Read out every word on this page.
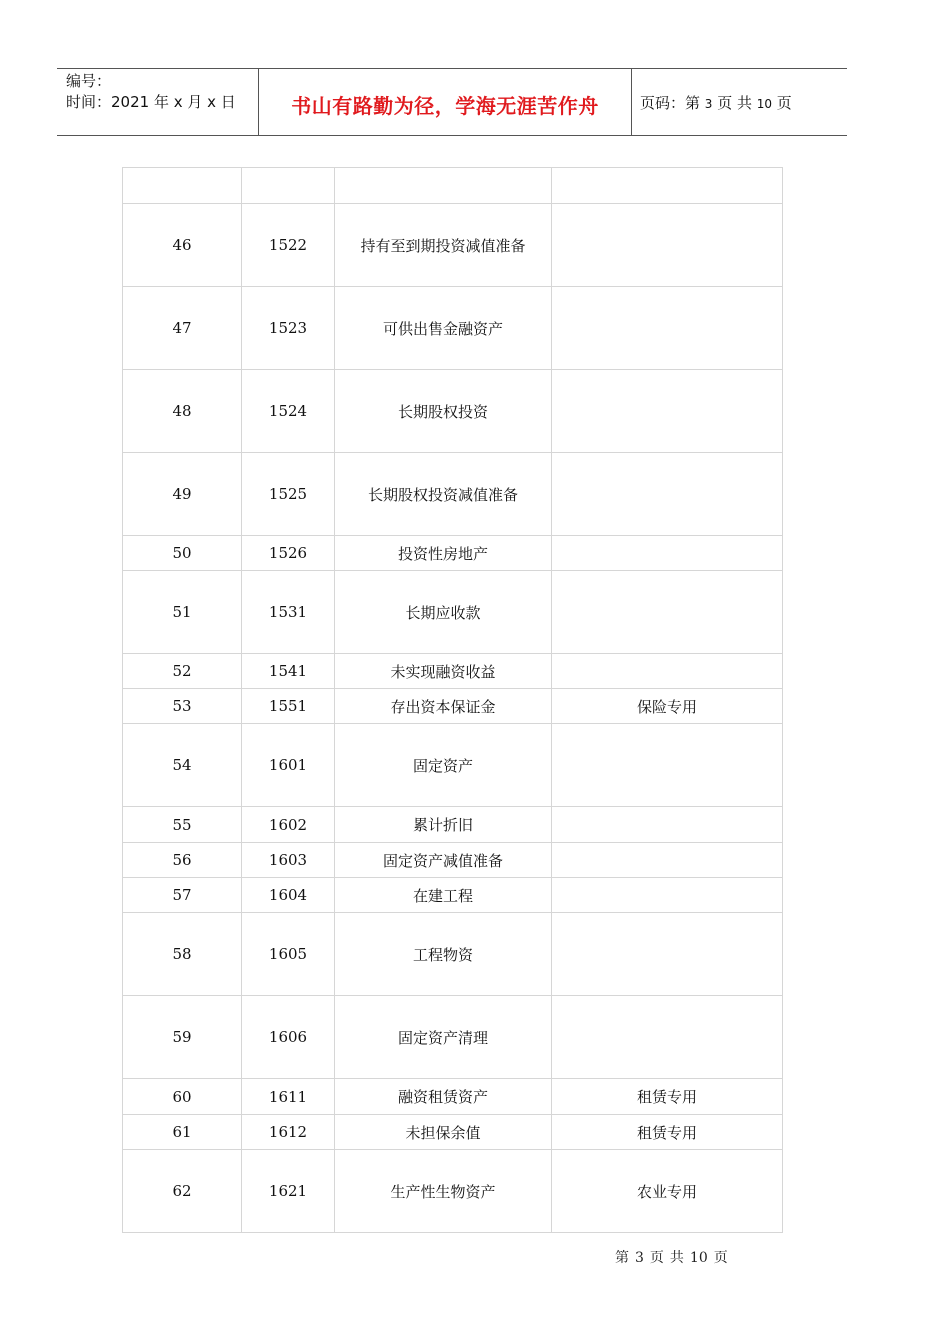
编号：
时间：2021 年 x 月 x 日	书山有路勤为径，学海无涯苦作舟	页码：第 3 页 共 10 页

46	1522	持有至到期投资减值准备	
47	1523	可供出售金融资产	
48	1524	长期股权投资	
49	1525	长期股权投资减值准备	
50	1526	投资性房地产	
51	1531	长期应收款	
52	1541	未实现融资收益	
53	1551	存出资本保证金	保险专用
54	1601	固定资产	
55	1602	累计折旧	
56	1603	固定资产减值准备	
57	1604	在建工程	
58	1605	工程物资	
59	1606	固定资产清理	
60	1611	融资租赁资产	租赁专用
61	1612	未担保余值	租赁专用
62	1621	生产性生物资产	农业专用
第 3 页 共 10 页
